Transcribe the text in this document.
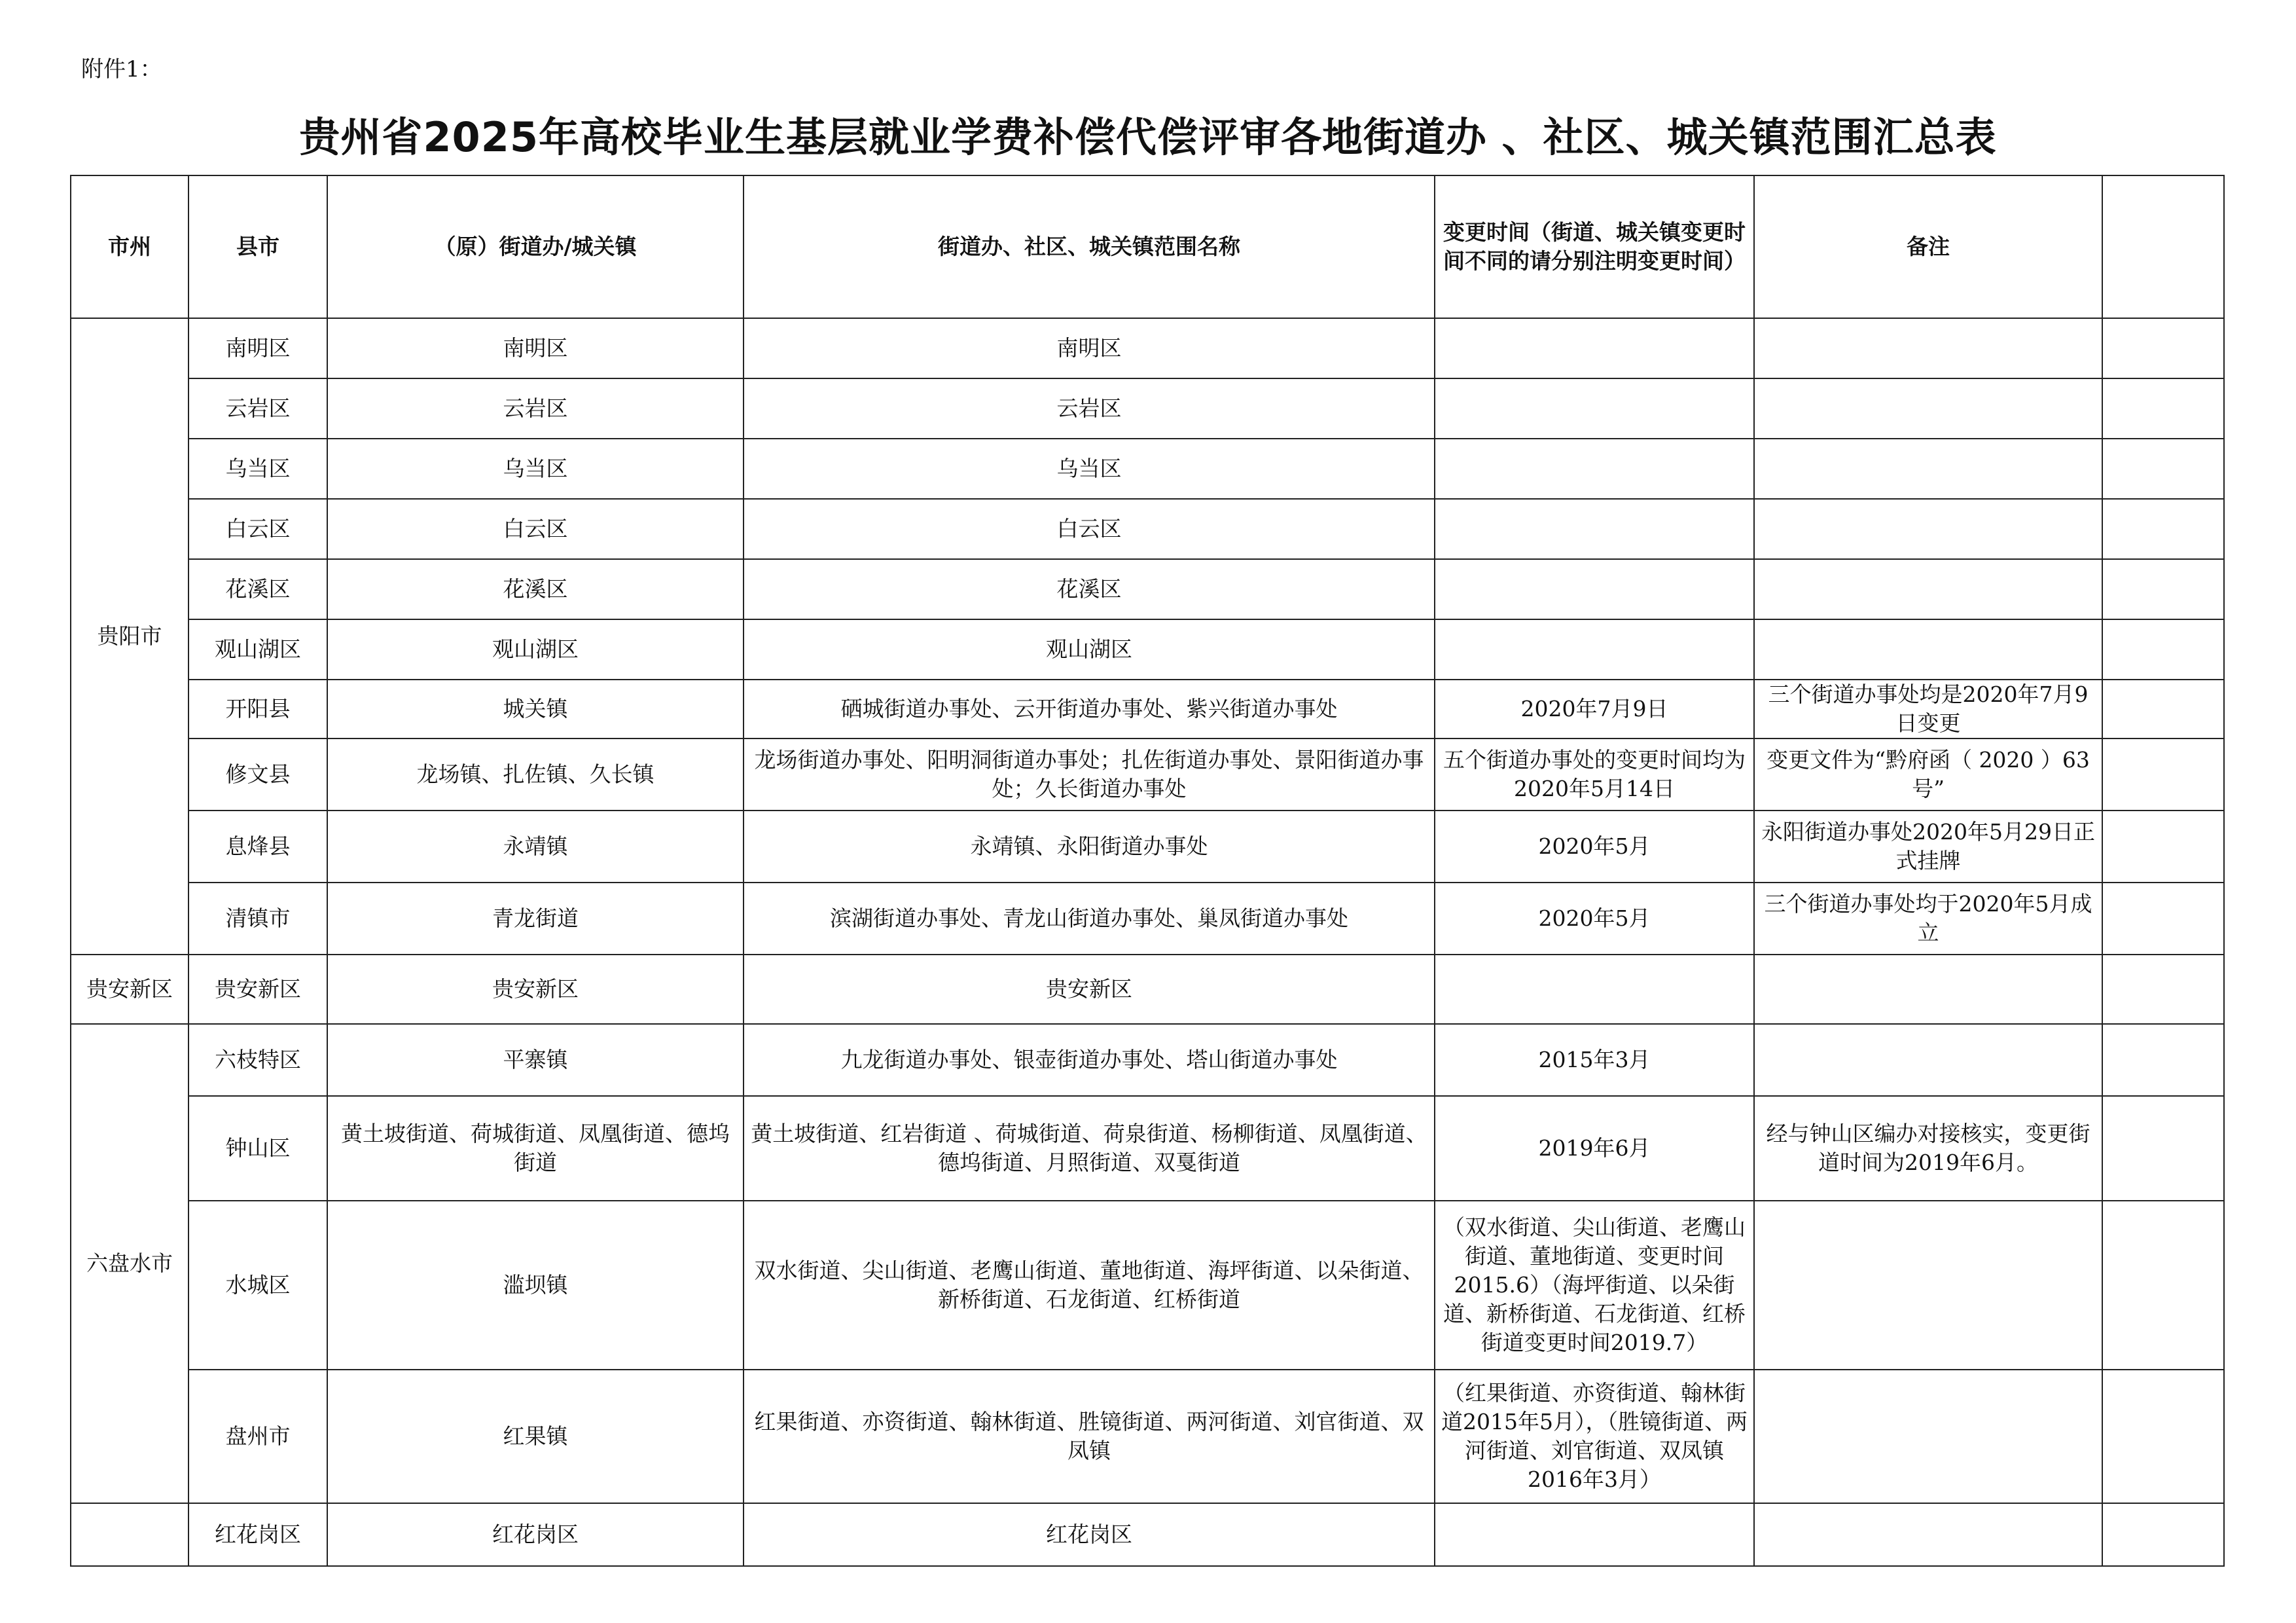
附件1：
贵州省2025年高校毕业生基层就业学费补偿代偿评审各地街道办 、社区、城关镇范围汇总表
市州	县市	（原）街道办/城关镇	街道办、社区、城关镇范围名称	变更时间（街道、城关镇变更时间不同的请分别注明变更时间）	备注	
贵阳市	南明区	南明区	南明区			
	云岩区	云岩区	云岩区			
	乌当区	乌当区	乌当区			
	白云区	白云区	白云区			
	花溪区	花溪区	花溪区			
	观山湖区	观山湖区	观山湖区			
	开阳县	城关镇	硒城街道办事处、云开街道办事处、紫兴街道办事处	2020年7月9日	三个街道办事处均是2020年7月9日变更	
	修文县	龙场镇、扎佐镇、久长镇	龙场街道办事处、阳明洞街道办事处；扎佐街道办事处、景阳街道办事处；久长街道办事处	五个街道办事处的变更时间均为2020年5月14日	变更文件为“黔府函（ 2020 ）63号”	
	息烽县	永靖镇	永靖镇、永阳街道办事处	2020年5月	永阳街道办事处2020年5月29日正式挂牌	
	清镇市	青龙街道	滨湖街道办事处、青龙山街道办事处、巢凤街道办事处	2020年5月	三个街道办事处均于2020年5月成立	
贵安新区	贵安新区	贵安新区	贵安新区			
六盘水市	六枝特区	平寨镇	九龙街道办事处、银壶街道办事处、塔山街道办事处	2015年3月		
	钟山区	黄土坡街道、荷城街道、凤凰街道、德坞街道	黄土坡街道、红岩街道 、荷城街道、荷泉街道、杨柳街道、凤凰街道、德坞街道、月照街道、双戛街道	2019年6月	经与钟山区编办对接核实，变更街道时间为2019年6月。	
	水城区	滥坝镇	双水街道、尖山街道、老鹰山街道、董地街道、海坪街道、以朵街道、新桥街道、石龙街道、红桥街道	（双水街道、尖山街道、老鹰山街道、董地街道、变更时间2015.6）（海坪街道、以朵街道、新桥街道、石龙街道、红桥街道变更时间2019.7）		
	盘州市	红果镇	红果街道、亦资街道、翰林街道、胜镜街道、两河街道、刘官街道、双凤镇	（红果街道、亦资街道、翰林街道2015年5月），（胜镜街道、两河街道、刘官街道、双凤镇2016年3月）		
	红花岗区	红花岗区	红花岗区			
